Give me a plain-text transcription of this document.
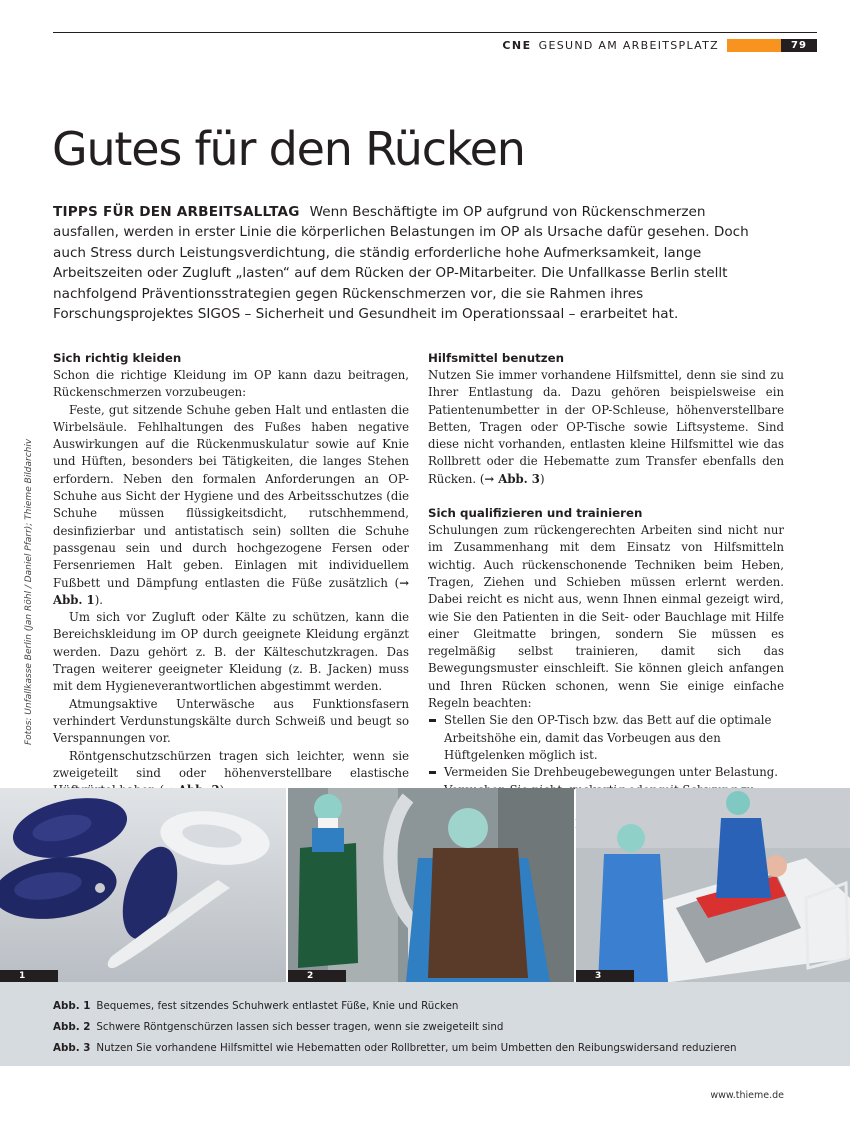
CNE GESUND AM ARBEITSPLATZ	79
Gutes für den Rücken
TIPPS FÜR DEN ARBEITSALLTAG Wenn Beschäftigte im OP aufgrund von Rückenschmerzen ausfallen, werden in erster Linie die körperlichen Belastungen im OP als Ursache dafür gesehen. Doch auch Stress durch Leistungsverdichtung, die ständig erforderliche hohe Aufmerksamkeit, lange Arbeitszeiten oder Zugluft „lasten“ auf dem Rücken der OP-Mitarbeiter. Die Unfallkasse Berlin stellt nachfolgend Präventionsstrategien gegen Rückenschmerzen vor, die sie Rahmen ihres Forschungsprojektes SIGOS – Sicherheit und Gesundheit im Operationssaal – erarbeitet hat.
Sich richtig kleiden

Schon die richtige Kleidung im OP kann dazu beitragen, Rückenschmerzen vorzubeugen:

Feste, gut sitzende Schuhe geben Halt und entlasten die Wirbelsäule. Fehlhaltungen des Fußes haben negative Auswirkungen auf die Rückenmuskulatur sowie auf Knie und Hüften, besonders bei Tätigkeiten, die langes Stehen erfordern. Neben den formalen Anforderungen an OP-Schuhe aus Sicht der Hygiene und des Arbeitsschutzes (die Schuhe müssen flüssigkeitsdicht, rutschhemmend, desinfizierbar und antistatisch sein) sollten die Schuhe passgenau sein und durch hochgezogene Fersen oder Fersenriemen Halt geben. Einlagen mit individuellem Fußbett und Dämpfung entlasten die Füße zusätzlich (→ Abb. 1).

Um sich vor Zugluft oder Kälte zu schützen, kann die Bereichskleidung im OP durch geeignete Kleidung ergänzt werden. Dazu gehört z. B. der Kälteschutzkragen. Das Tragen weiterer geeigneter Kleidung (z. B. Jacken) muss mit dem Hygieneverantwortlichen abgestimmt werden.

Atmungsaktive Unterwäsche aus Funktionsfasern verhindert Verdunstungskälte durch Schweiß und beugt so Verspannungen vor.

Röntgenschutzschürzen tragen sich leichter, wenn sie zweigeteilt sind oder höhenverstellbare elastische

Hilfsmittel benutzen

Nutzen Sie immer vorhandene Hilfsmittel, denn sie sind zu Ihrer Entlastung da. Dazu gehören beispielsweise ein Patientenumbetter in der OP-Schleuse, höhenverstellbare Betten, Tragen oder OP-Tische sowie Liftsysteme. Sind diese nicht vorhanden, entlasten kleine Hilfsmittel wie das Rollbrett oder die Hebematte zum Transfer ebenfalls den Rücken. (→ Abb. 3)

Sich qualifizieren und trainieren

Schulungen zum rückengerechten Arbeiten sind nicht nur im Zusammenhang mit dem Einsatz von Hilfsmitteln wichtig. Auch rückenschonende Techniken beim Heben, Tragen, Ziehen und Schieben müssen erlernt werden. Dabei reicht es nicht aus, wenn Ihnen einmal gezeigt wird, wie Sie den Patienten in die Seit- oder Bauchlage mit Hilfe einer Gleitmatte bringen, sondern Sie müssen es regelmäßig selbst trainieren, damit sich das Bewegungsmuster einschleift. Sie können gleich anfangen und Ihren Rücken schonen, wenn Sie einige einfache Regeln beachten:

Stellen Sie den OP-Tisch bzw. das Bett auf die optimale Arbeitshöhe ein, damit das Vorbeugen aus den Hüftgelenken möglich ist.
Vermeiden Sie Drehbeugebewegungen unter Belastung.
Fotos: Unfallkasse Berlin (Jan Röhl / Daniel Pfarr); Thieme Bildarchiv
1	2	3
Abb. 1 Bequemes, fest sitzendes Schuhwerk entlastet Füße, Knie und Rücken
Abb. 2 Schwere Röntgenschürzen lassen sich besser tragen, wenn sie zweigeteilt sind
Abb. 3 Nutzen Sie vorhandene Hilfsmittel wie Hebematten oder Rollbretter, um beim Umbetten den Reibungswidersand reduzieren
www.thieme.de
